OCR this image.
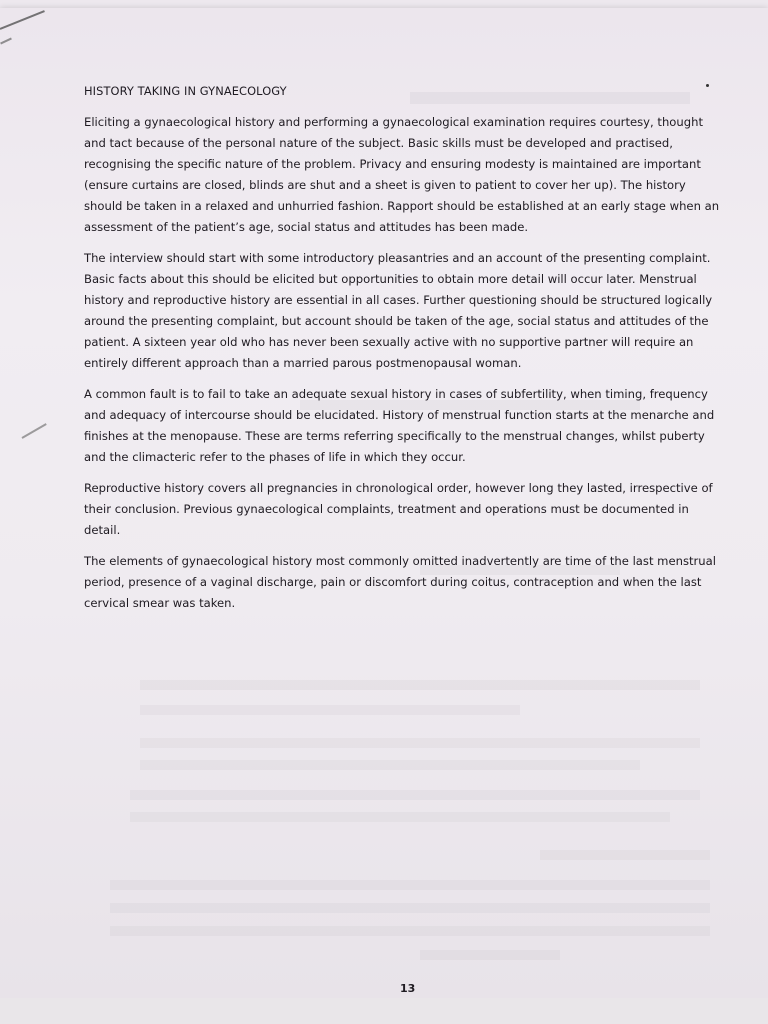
HISTORY TAKING IN GYNAECOLOGY

Eliciting a gynaecological history and performing a gynaecological examination requires courtesy, thought and tact because of the personal nature of the subject. Basic skills must be developed and practised, recognising the specific nature of the problem. Privacy and ensuring modesty is maintained are important (ensure curtains are closed, blinds are shut and a sheet is given to patient to cover her up). The history should be taken in a relaxed and unhurried fashion. Rapport should be established at an early stage when an assessment of the patient’s age, social status and attitudes has been made.

The interview should start with some introductory pleasantries and an account of the presenting complaint. Basic facts about this should be elicited but opportunities to obtain more detail will occur later. Menstrual history and reproductive history are essential in all cases. Further questioning should be structured logically around the presenting complaint, but account should be taken of the age, social status and attitudes of the patient. A sixteen year old who has never been sexually active with no supportive partner will require an entirely different approach than a married parous postmenopausal woman.

A common fault is to fail to take an adequate sexual history in cases of subfertility, when timing, frequency and adequacy of intercourse should be elucidated. History of menstrual function starts at the menarche and finishes at the menopause. These are terms referring specifically to the menstrual changes, whilst puberty and the climacteric refer to the phases of life in which they occur.

Reproductive history covers all pregnancies in chronological order, however long they lasted, irrespective of their conclusion. Previous gynaecological complaints, treatment and operations must be documented in detail.

The elements of gynaecological history most commonly omitted inadvertently are time of the last menstrual period, presence of a vaginal discharge, pain or discomfort during coitus, contraception and when the last cervical smear was taken.

13
